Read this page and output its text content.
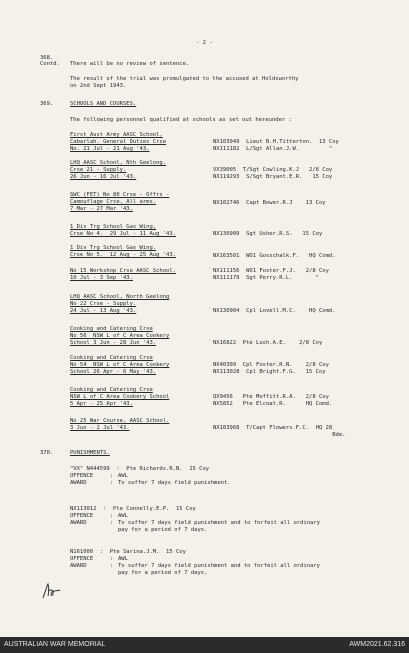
- 2 -
368.
Contd. There will be no review of sentence.
The result of the trial was promulgated to the accused at Holdsworthy
on 2nd Sept 1943.
369.	SCHOOLS AND COURSES.
The following personnel qualified at schools as set out hereunder :
First Aust Army AASC School,
Cabarlah. General Duties Crse
No. 21 Jul - 21 Aug '43.
NX103949  Lieut B.H.Titterton.  13 Coy
NX111182  L/Sgt Allan.J.W.         "
LHQ AASC School, Nth Geelong.
Crse 21 - Supply.
26 Jun - 16 Jul '43.
VX39005  T/Sgt Cowling.K.J   2/8 Coy
NX119293  S/Sgt Bryant.E.R.   15 Coy
SWC (FET) No 80 Crse - Offrs -
Camouflage Crse, All arms.
7 Mar - 27 Mar '43.
NX102746  Capt Bower.R.J    13 Coy
1 Div Trg School Gas Wing,
Crse No 4.  29 Jul - 11 Aug '43.	NX130909  Sgt Usher.R.S.   15 Coy
1 Div Trg School Gas Wing.
Crse No 5.  12 Aug - 25 Aug '43.	NX163501  WO1 Gosschalk.F.   HQ Comd.
No 15 Workshop Crse AASC School.
10 Jul - 3 Sep '43.
NX111156  WO1 Foster.F.J.   2/8 Coy
NX111179  Sgt Perry.R.L.       "
LHQ AASC School, North Geelong
No 22 Crse - Supply.
24 Jul - 13 Aug '43.	NX130904  Cpl Lovell.M.C.    HQ Comd.
Cooking and Catering Crse
No 56  NSW L of C Area Cookery
School 3 Jun - 28 Jun '43.	NX16822  Pte Lush.A.E.    2/8 Coy
Cooking and Catering Crse
No 54  NSW L of C Area Cookery
School 26 Apr - 6 May '43.
NX40309  Cpl Foster.R.N.    2/8 Coy
NX113028  Cpl Bright.F.G.   15 Coy
Cooking and Catering Crse
NSW L of C Area Cookery School
5 Apr - 25 Apr '43.
QX9456   Pte Moffitt.R.A.   2/8 Coy
NX5852   Pte Elcoat.R.      HQ Comd.
No 25 War Course, AASC School.
3 Jun - 2 Jul '43.	NX103968  T/Capt Flowers.F.C.  HQ 28
Bde.
370.	PUNISHMENTS.
"VX" N444599  :  Pte Richards.R.N.  15 Coy
OFFENCE	: AWL
AWARD	: To suffer 7 days field punishment.
NX113012  :  Pte Connelly.E.P.  15 Coy
OFFENCE	: AWL
AWARD	: To suffer 7 days field punishment and to forfeit all ordinary
pay for a period of 7 days.
N161000  :  Pte Sarina.J.M.  15 Coy
OFFENCE	: AWL
AWARD	: To suffer 7 days field punishment and to forfeit all ordinary
pay for a period of 7 days.
AUSTRALIAN WAR MEMORIAL	AWM2021.62.316
